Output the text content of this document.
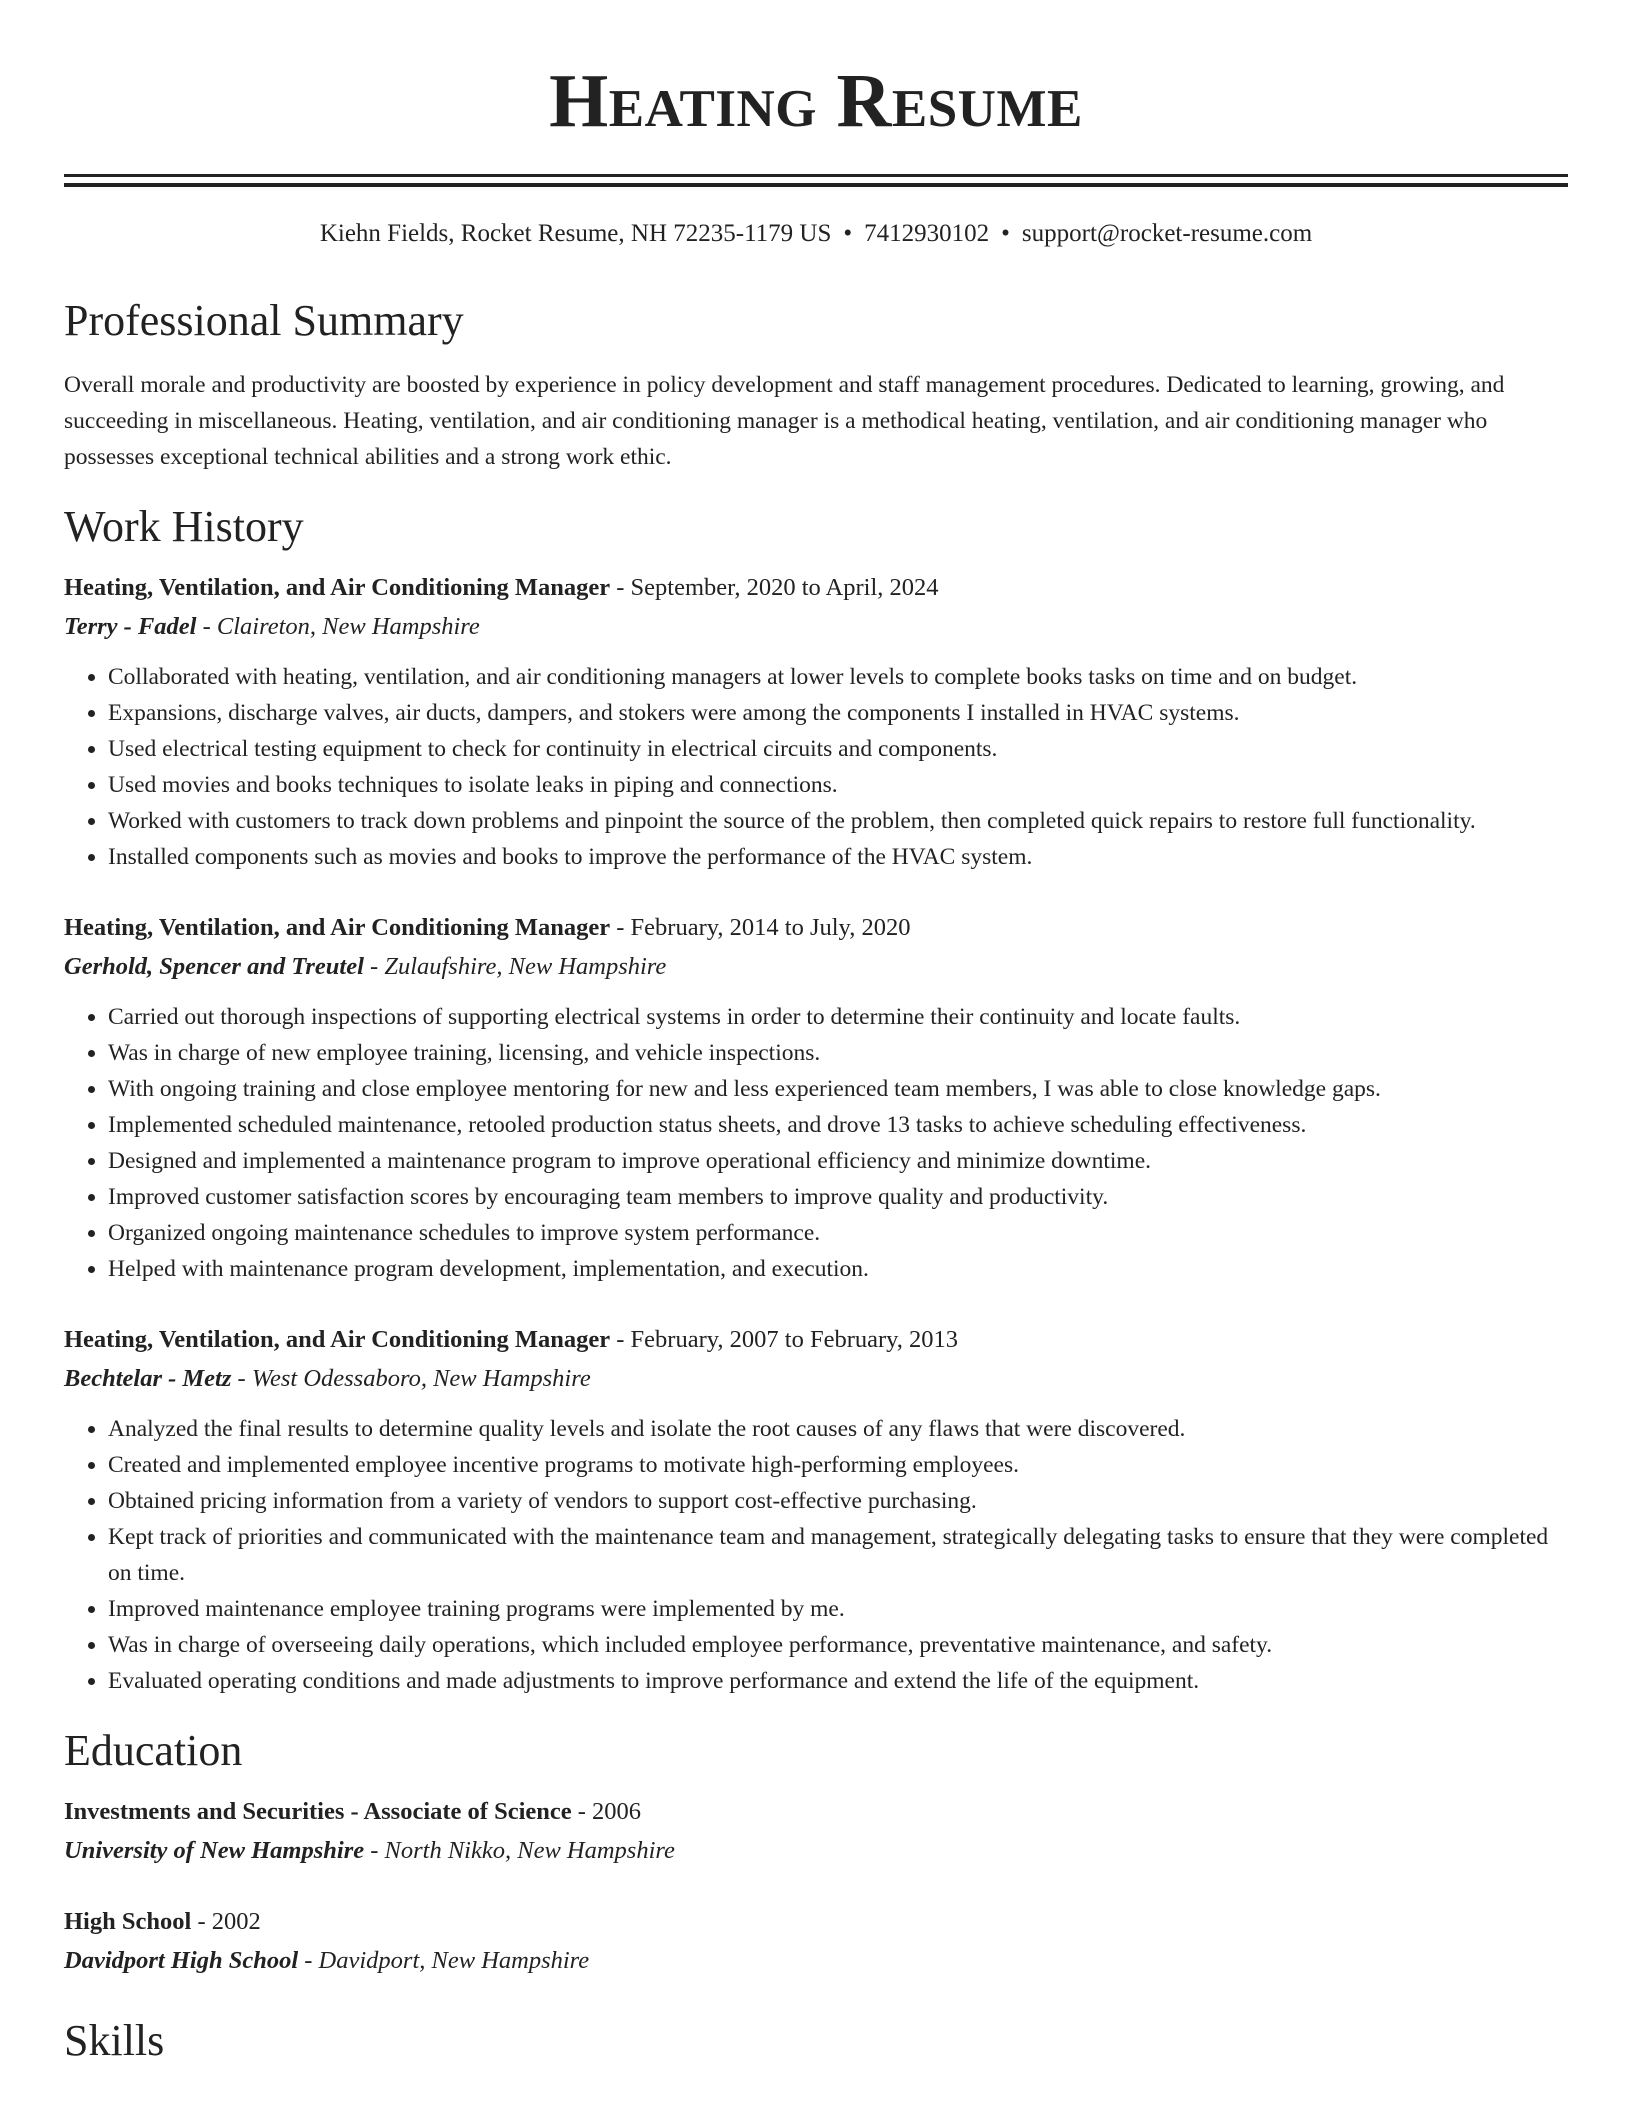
Heating Resume
Kiehn Fields, Rocket Resume, NH 72235-1179 US • 7412930102 • support@rocket-resume.com
Professional Summary
Overall morale and productivity are boosted by experience in policy development and staff management procedures. Dedicated to learning, growing, and succeeding in miscellaneous. Heating, ventilation, and air conditioning manager is a methodical heating, ventilation, and air conditioning manager who possesses exceptional technical abilities and a strong work ethic.
Work History
Heating, Ventilation, and Air Conditioning Manager - September, 2020 to April, 2024
Terry - Fadel - Claireton, New Hampshire
• Collaborated with heating, ventilation, and air conditioning managers at lower levels to complete books tasks on time and on budget.
• Expansions, discharge valves, air ducts, dampers, and stokers were among the components I installed in HVAC systems.
• Used electrical testing equipment to check for continuity in electrical circuits and components.
• Used movies and books techniques to isolate leaks in piping and connections.
• Worked with customers to track down problems and pinpoint the source of the problem, then completed quick repairs to restore full functionality.
• Installed components such as movies and books to improve the performance of the HVAC system.
Heating, Ventilation, and Air Conditioning Manager - February, 2014 to July, 2020
Gerhold, Spencer and Treutel - Zulaufshire, New Hampshire
• Carried out thorough inspections of supporting electrical systems in order to determine their continuity and locate faults.
• Was in charge of new employee training, licensing, and vehicle inspections.
• With ongoing training and close employee mentoring for new and less experienced team members, I was able to close knowledge gaps.
• Implemented scheduled maintenance, retooled production status sheets, and drove 13 tasks to achieve scheduling effectiveness.
• Designed and implemented a maintenance program to improve operational efficiency and minimize downtime.
• Improved customer satisfaction scores by encouraging team members to improve quality and productivity.
• Organized ongoing maintenance schedules to improve system performance.
• Helped with maintenance program development, implementation, and execution.
Heating, Ventilation, and Air Conditioning Manager - February, 2007 to February, 2013
Bechtelar - Metz - West Odessaboro, New Hampshire
• Analyzed the final results to determine quality levels and isolate the root causes of any flaws that were discovered.
• Created and implemented employee incentive programs to motivate high-performing employees.
• Obtained pricing information from a variety of vendors to support cost-effective purchasing.
• Kept track of priorities and communicated with the maintenance team and management, strategically delegating tasks to ensure that they were completed on time.
• Improved maintenance employee training programs were implemented by me.
• Was in charge of overseeing daily operations, which included employee performance, preventative maintenance, and safety.
• Evaluated operating conditions and made adjustments to improve performance and extend the life of the equipment.
Education
Investments and Securities - Associate of Science - 2006
University of New Hampshire - North Nikko, New Hampshire
High School - 2002
Davidport High School - Davidport, New Hampshire
Skills
